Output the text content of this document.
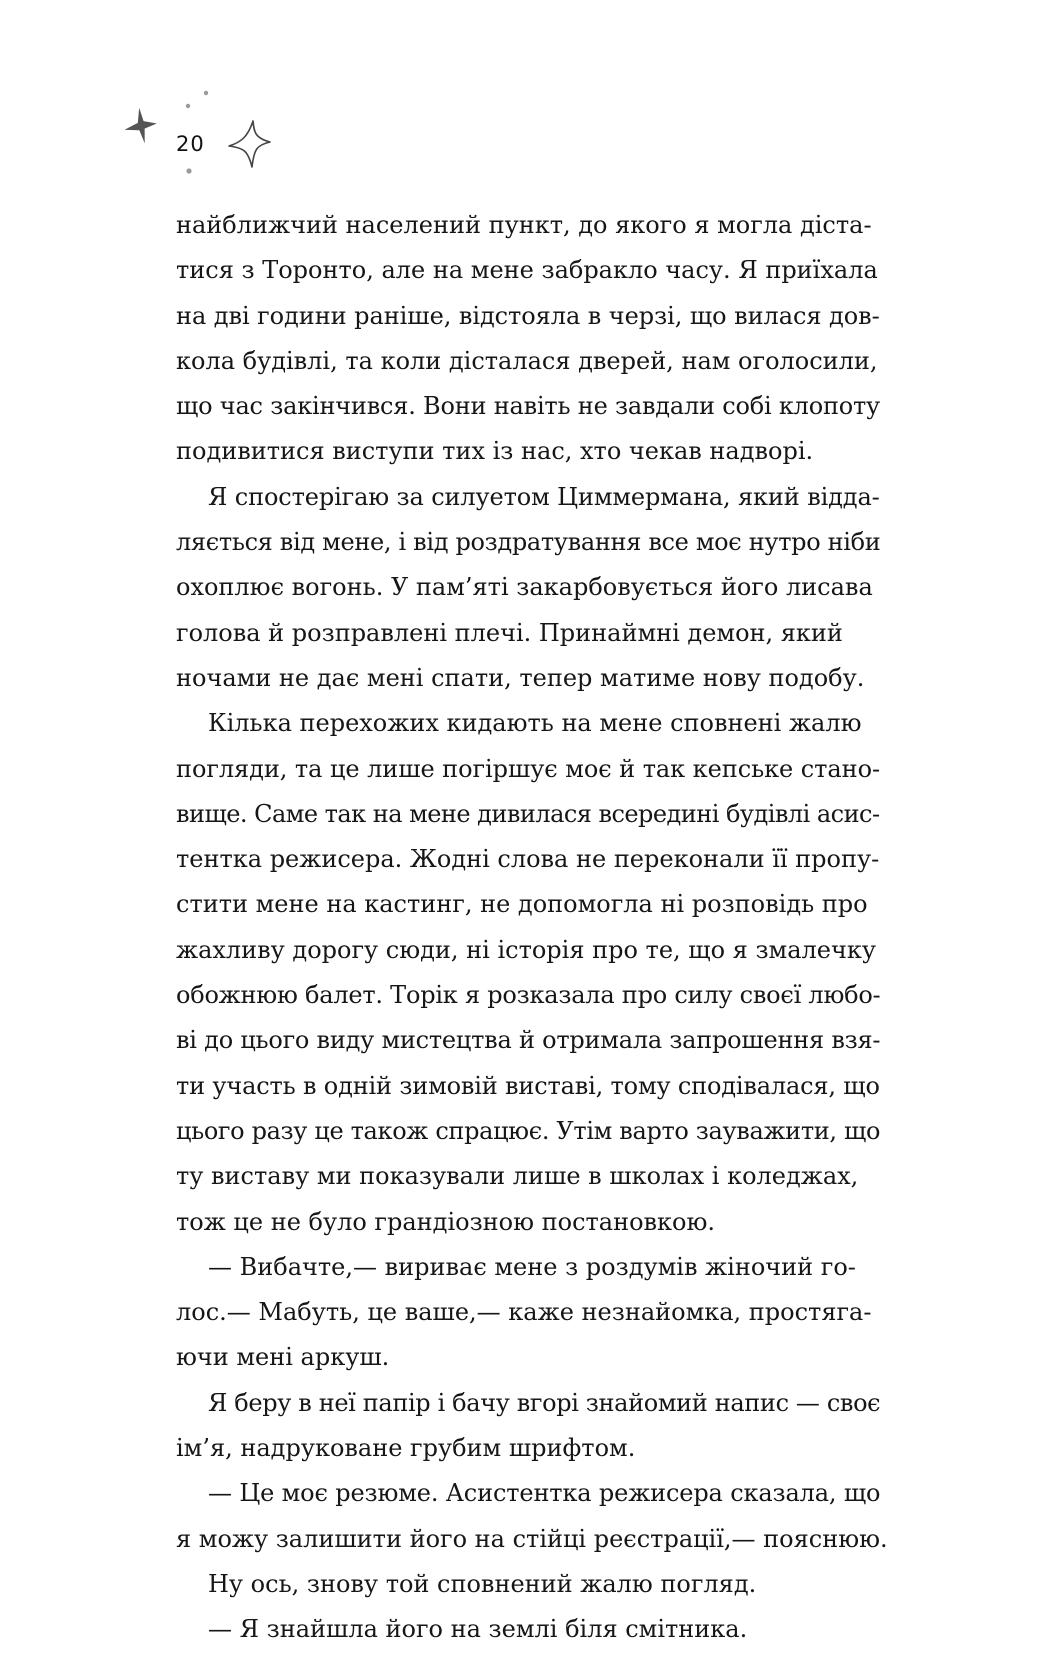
20
найближчий населений пункт, до якого я могла діста-
тися з Торонто, але на мене забракло часу. Я приїхала
на дві години раніше, відстояла в черзі, що вилася дов-
кола будівлі, та коли дісталася дверей, нам оголосили,
що час закінчився. Вони навіть не завдали собі клопоту
подивитися виступи тих із нас, хто чекав надворі.
Я спостерігаю за силуетом Циммермана, який відда-
ляється від мене, і від роздратування все моє нутро ніби
охоплює вогонь. У пам’яті закарбовується його лисава
голова й розправлені плечі. Принаймні демон, який
ночами не дає мені спати, тепер матиме нову подобу.
Кілька перехожих кидають на мене сповнені жалю
погляди, та це лише погіршує моє й так кепське стано-
вище. Саме так на мене дивилася всередині будівлі асис-
тентка режисера. Жодні слова не переконали її пропу-
стити мене на кастинг, не допомогла ні розповідь про
жахливу дорогу сюди, ні історія про те, що я змалечку
обожнюю балет. Торік я розказала про силу своєї любо-
ві до цього виду мистецтва й отримала запрошення взя-
ти участь в одній зимовій виставі, тому сподівалася, що
цього разу це також спрацює. Утім варто зауважити, що
ту виставу ми показували лише в школах і коледжах,
тож це не було грандіозною постановкою.
— Вибачте,— вириває мене з роздумів жіночий го-
лос.— Мабуть, це ваше,— каже незнайомка, простяга-
ючи мені аркуш.
Я беру в неї папір і бачу вгорі знайомий напис — своє
ім’я, надруковане грубим шрифтом.
— Це моє резюме. Асистентка режисера сказала, що
я можу залишити його на стійці реєстрації,— пояснюю.
Ну ось, знову той сповнений жалю погляд.
— Я знайшла його на землі біля смітника.
